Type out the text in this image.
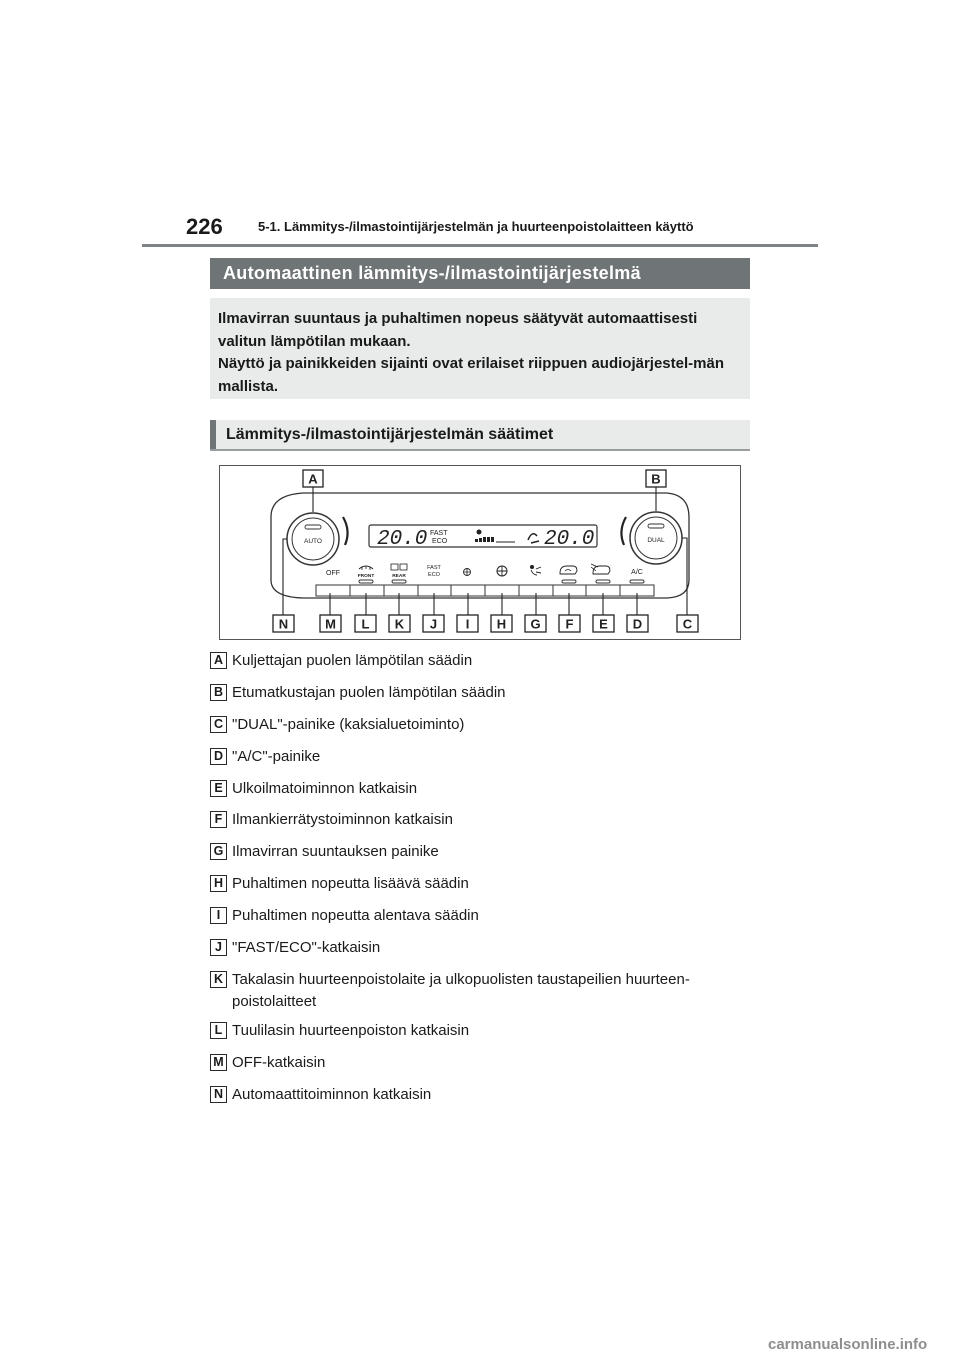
226	5-1. Lämmitys-/ilmastointijärjestelmän ja huurteenpoistolaitteen käyttö
Automaattinen lämmitys-/ilmastointijärjestelmä

Ilmavirran suuntaus ja puhaltimen nopeus säätyvät automaattisesti valitun lämpötilan mukaan.

Näyttö ja painikkeiden sijainti ovat erilaiset riippuen audiojärjestel-män mallista.

Lämmitys-/ilmastointijärjestelmän säätimet
AUTO	DUAL
20.0 FAST
ECO	20.0
OFF	FRONT	REAR
FAST
ECO	A/C
A	B
N	M L K J I H G F E D	C
A Kuljettajan puolen lämpötilan säädin
B Etumatkustajan puolen lämpötilan säädin
C "DUAL"-painike (kaksialuetoiminto)
D "A/C"-painike
E Ulkoilmatoiminnon katkaisin
F Ilmankierrätystoiminnon katkaisin
G Ilmavirran suuntauksen painike
H Puhaltimen nopeutta lisäävä säädin
I Puhaltimen nopeutta alentava säädin
J "FAST/ECO"-katkaisin
K Takalasin huurteenpoistolaite ja ulkopuolisten taustapeilien huurteen-poistolaitteet
L Tuulilasin huurteenpoiston katkaisin
M OFF-katkaisin
N Automaattitoiminnon katkaisin
carmanualsonline.info
